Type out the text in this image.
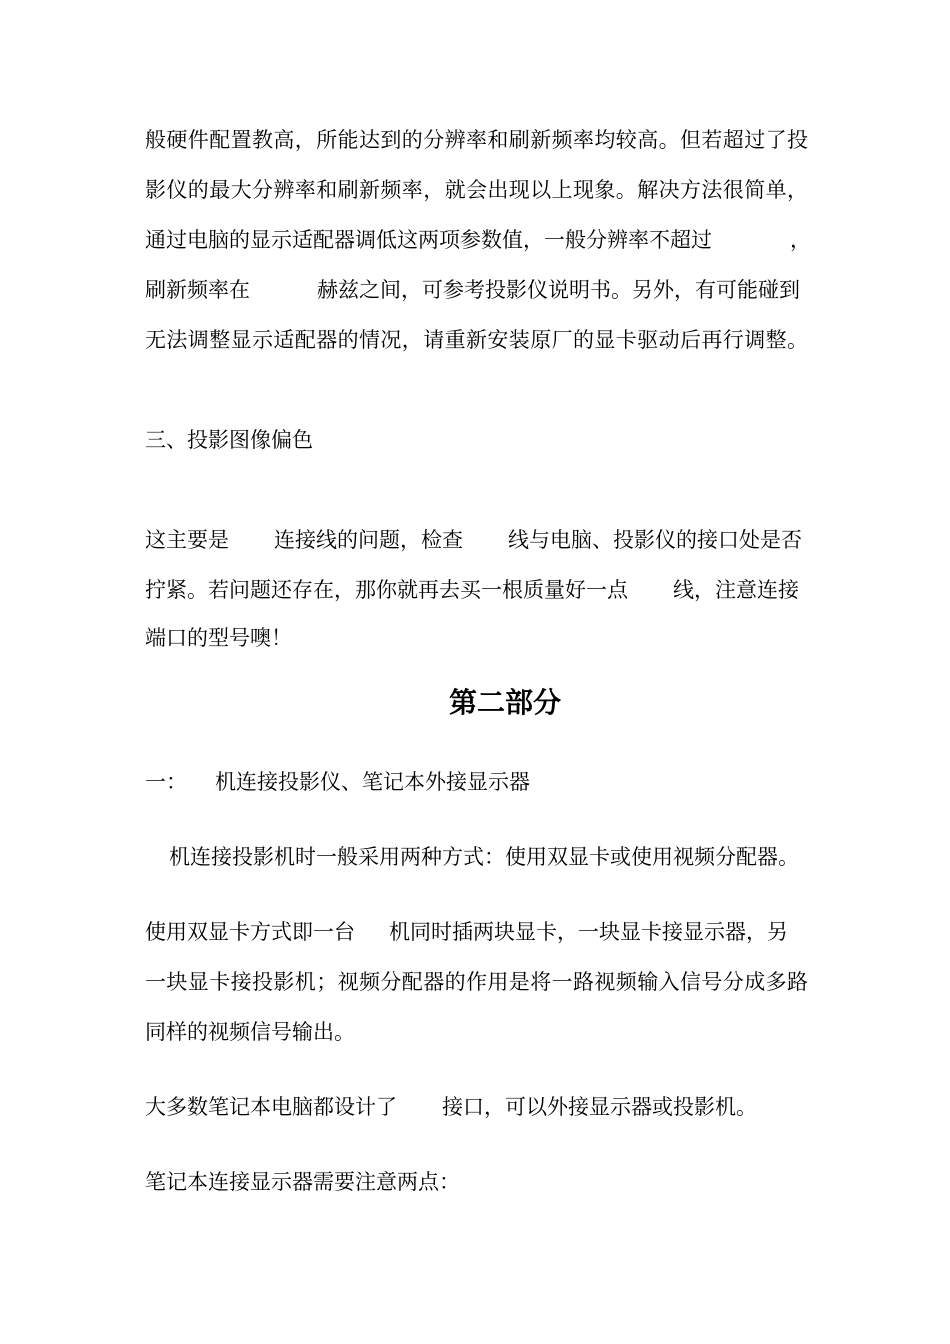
般硬件配置教高，所能达到的分辨率和刷新频率均较高。但若超过了投

影仪的最大分辨率和刷新频率，就会出现以上现象。解决方法很简单，

通过电脑的显示适配器调低这两项参数值，一般分辨率不超过	，

刷新频率在	赫兹之间，可参考投影仪说明书。另外，有可能碰到

无法调整显示适配器的情况，请重新安装原厂的显卡驱动后再行调整。

三、投影图像偏色

这主要是 连接线的问题，检查 线与电脑、投影仪的接口处是否

拧紧。若问题还存在，那你就再去买一根质量好一点 线，注意连接

端口的型号噢！

第二部分

一： 机连接投影仪、笔记本外接显示器

机连接投影机时一般采用两种方式：使用双显卡或使用视频分配器。

使用双显卡方式即一台 机同时插两块显卡，一块显卡接显示器，另

一块显卡接投影机；视频分配器的作用是将一路视频输入信号分成多路

同样的视频信号输出。

大多数笔记本电脑都设计了 接口，可以外接显示器或投影机。

笔记本连接显示器需要注意两点：
